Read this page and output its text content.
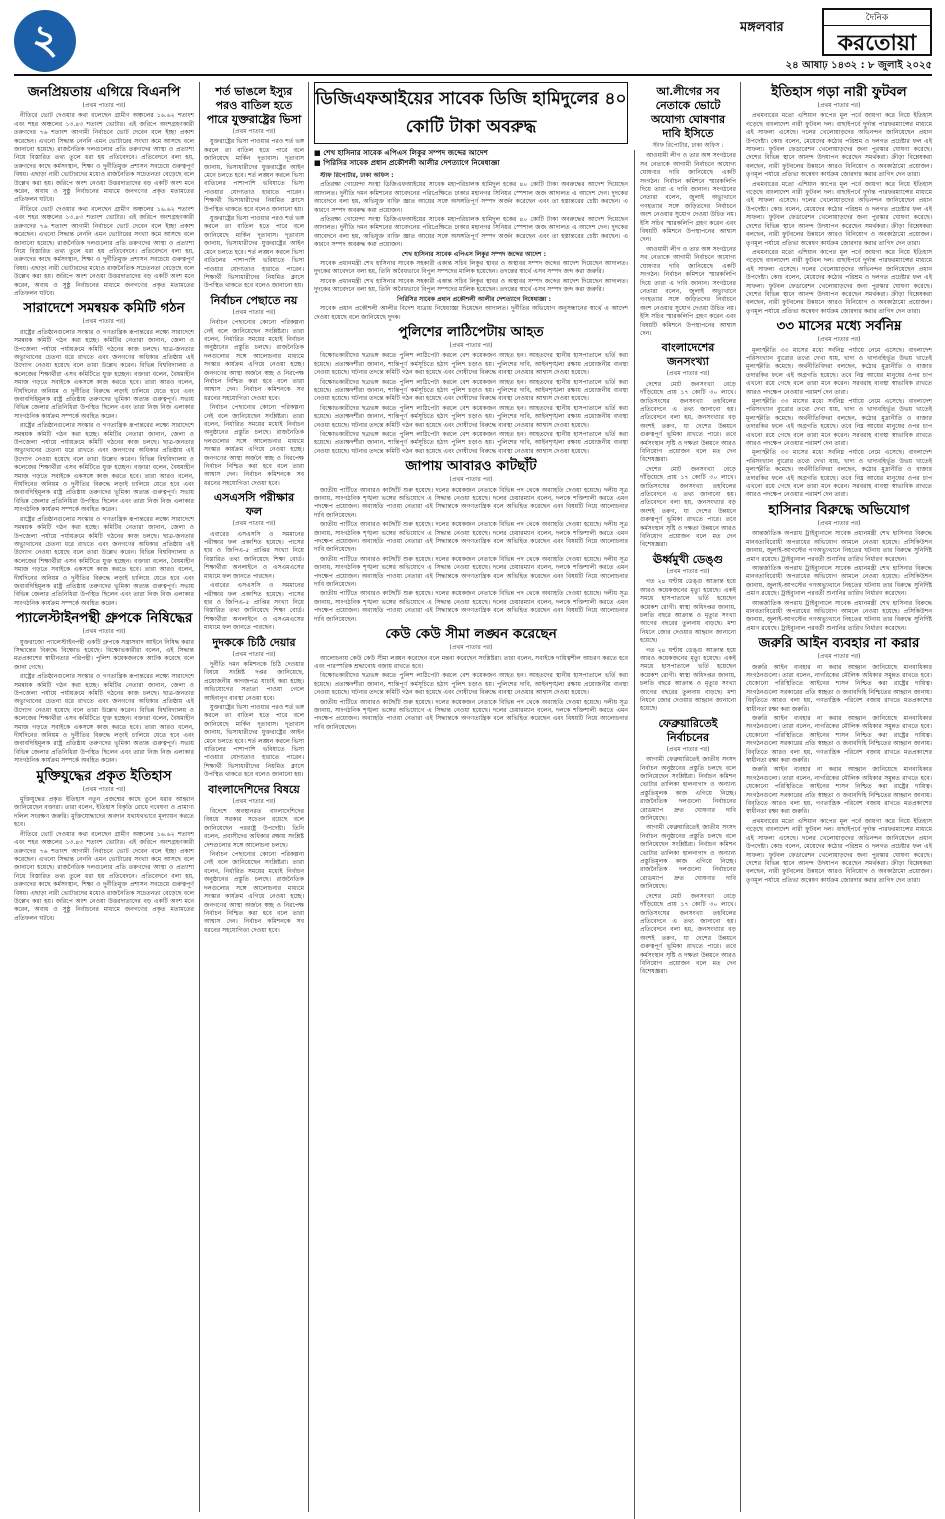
২	মঙ্গলবার
দৈনিক
করতোয়া
২৪ আষাঢ় ১৪৩২ : ৮ জুলাই ২০২৫
জনপ্রিয়তায় এগিয়ে বিএনপি
(প্রথম পাতার পর)

নীতিরে ভোট দেওয়ার কথা বলেছেন গ্রামীণ অঞ্চলের ১৬.৬২ শতাংশ এবং শহর অঞ্চলের ১৩.৪৩ শতাংশ ভোটার। এই জরিপে অংশগ্রহণকারী তরুণদের ৭৬ শতাংশ আগামী নির্বাচনে ভোট দেবেন বলে ইচ্ছা প্রকাশ করেছেন। এখনো সিদ্ধান্ত নেননি এমন ভোটারের সংখ্যা কমে আসছে বলে জানানো হয়েছে। রাজনৈতিক দলগুলোর প্রতি তরুণদের আস্থা ও প্রত্যাশা নিয়ে বিস্তারিত তথ্য তুলে ধরা হয় প্রতিবেদনে। প্রতিবেদনে বলা হয়, তরুণদের কাছে কর্মসংস্থান, শিক্ষা ও দুর্নীতিমুক্ত প্রশাসন সবচেয়ে গুরুত্বপূর্ণ বিষয়। এছাড়া নারী ভোটারদের মধ্যেও রাজনৈতিক সচেতনতা বেড়েছে বলে উল্লেখ করা হয়। জরিপে অংশ নেওয়া উত্তরদাতাদের বড় একটি অংশ মনে করেন, অবাধ ও সুষ্ঠু নির্বাচনের মাধ্যমে জনগণের প্রকৃত মতামতের প্রতিফলন ঘটবে।

নীতিরে ভোট দেওয়ার কথা বলেছেন গ্রামীণ অঞ্চলের ১৬.৬২ শতাংশ এবং শহর অঞ্চলের ১৩.৪৩ শতাংশ ভোটার। এই জরিপে অংশগ্রহণকারী তরুণদের ৭৬ শতাংশ আগামী নির্বাচনে ভোট দেবেন বলে ইচ্ছা প্রকাশ করেছেন। এখনো সিদ্ধান্ত নেননি এমন ভোটারের সংখ্যা কমে আসছে বলে জানানো হয়েছে। রাজনৈতিক দলগুলোর প্রতি তরুণদের আস্থা ও প্রত্যাশা নিয়ে বিস্তারিত তথ্য তুলে ধরা হয় প্রতিবেদনে। প্রতিবেদনে বলা হয়, তরুণদের কাছে কর্মসংস্থান, শিক্ষা ও দুর্নীতিমুক্ত প্রশাসন সবচেয়ে গুরুত্বপূর্ণ বিষয়। এছাড়া নারী ভোটারদের মধ্যেও রাজনৈতিক সচেতনতা বেড়েছে বলে উল্লেখ করা হয়। জরিপে অংশ নেওয়া উত্তরদাতাদের বড় একটি অংশ মনে করেন, অবাধ ও সুষ্ঠু নির্বাচনের মাধ্যমে জনগণের প্রকৃত মতামতের প্রতিফলন ঘটবে।

সারাদেশে সমন্বয়ক কমিটি গঠন
(প্রথম পাতার পর)

রাষ্ট্রের প্রতিষ্ঠানগুলোর সংস্কার ও গণতান্ত্রিক রূপান্তরের লক্ষ্যে সারাদেশে সমন্বয়ক কমিটি গঠন করা হচ্ছে। কমিটির নেতারা জানান, জেলা ও উপজেলা পর্যায়ে পর্যায়ক্রমে কমিটি গঠনের কাজ চলছে। ছাত্র-জনতার অভ্যুত্থানের চেতনা ধরে রাখতে এবং জনগণের অধিকার প্রতিষ্ঠায় এই উদ্যোগ নেওয়া হয়েছে বলে তারা উল্লেখ করেন। বিভিন্ন বিশ্ববিদ্যালয় ও কলেজের শিক্ষার্থীরা এসব কমিটিতে যুক্ত হচ্ছেন। বক্তারা বলেন, বৈষম্যহীন সমাজ গড়তে সবাইকে একসঙ্গে কাজ করতে হবে। তারা আরও বলেন, দীর্ঘদিনের অনিয়ম ও দুর্নীতির বিরুদ্ধে লড়াই চালিয়ে যেতে হবে এবং জবাবদিহিমূলক রাষ্ট্র প্রতিষ্ঠায় তরুণদের ভূমিকা অত্যন্ত গুরুত্বপূর্ণ। সভায় বিভিন্ন জেলার প্রতিনিধিরা উপস্থিত ছিলেন এবং তারা নিজ নিজ এলাকার সাংগঠনিক কার্যক্রম সম্পর্কে অবহিত করেন।

রাষ্ট্রের প্রতিষ্ঠানগুলোর সংস্কার ও গণতান্ত্রিক রূপান্তরের লক্ষ্যে সারাদেশে সমন্বয়ক কমিটি গঠন করা হচ্ছে। কমিটির নেতারা জানান, জেলা ও উপজেলা পর্যায়ে পর্যায়ক্রমে কমিটি গঠনের কাজ চলছে। ছাত্র-জনতার অভ্যুত্থানের চেতনা ধরে রাখতে এবং জনগণের অধিকার প্রতিষ্ঠায় এই উদ্যোগ নেওয়া হয়েছে বলে তারা উল্লেখ করেন। বিভিন্ন বিশ্ববিদ্যালয় ও কলেজের শিক্ষার্থীরা এসব কমিটিতে যুক্ত হচ্ছেন। বক্তারা বলেন, বৈষম্যহীন সমাজ গড়তে সবাইকে একসঙ্গে কাজ করতে হবে। তারা আরও বলেন, দীর্ঘদিনের অনিয়ম ও দুর্নীতির বিরুদ্ধে লড়াই চালিয়ে যেতে হবে এবং জবাবদিহিমূলক রাষ্ট্র প্রতিষ্ঠায় তরুণদের ভূমিকা অত্যন্ত গুরুত্বপূর্ণ। সভায় বিভিন্ন জেলার প্রতিনিধিরা উপস্থিত ছিলেন এবং তারা নিজ নিজ এলাকার সাংগঠনিক কার্যক্রম সম্পর্কে অবহিত করেন।

রাষ্ট্রের প্রতিষ্ঠানগুলোর সংস্কার ও গণতান্ত্রিক রূপান্তরের লক্ষ্যে সারাদেশে সমন্বয়ক কমিটি গঠন করা হচ্ছে। কমিটির নেতারা জানান, জেলা ও উপজেলা পর্যায়ে পর্যায়ক্রমে কমিটি গঠনের কাজ চলছে। ছাত্র-জনতার অভ্যুত্থানের চেতনা ধরে রাখতে এবং জনগণের অধিকার প্রতিষ্ঠায় এই উদ্যোগ নেওয়া হয়েছে বলে তারা উল্লেখ করেন। বিভিন্ন বিশ্ববিদ্যালয় ও কলেজের শিক্ষার্থীরা এসব কমিটিতে যুক্ত হচ্ছেন। বক্তারা বলেন, বৈষম্যহীন সমাজ গড়তে সবাইকে একসঙ্গে কাজ করতে হবে। তারা আরও বলেন, দীর্ঘদিনের অনিয়ম ও দুর্নীতির বিরুদ্ধে লড়াই চালিয়ে যেতে হবে এবং জবাবদিহিমূলক রাষ্ট্র প্রতিষ্ঠায় তরুণদের ভূমিকা অত্যন্ত গুরুত্বপূর্ণ। সভায় বিভিন্ন জেলার প্রতিনিধিরা উপস্থিত ছিলেন এবং তারা নিজ নিজ এলাকার সাংগঠনিক কার্যক্রম সম্পর্কে অবহিত করেন।

প্যালেস্টাইনপন্থী গ্রুপকে নিষিদ্ধের
(প্রথম পাতার পর)

যুক্তরাজ্যে প্যালেস্টাইনপন্থী একটি গ্রুপকে সন্ত্রাসবাদ আইনে নিষিদ্ধ করার সিদ্ধান্তের বিরুদ্ধে বিক্ষোভ হয়েছে। বিক্ষোভকারীরা বলেন, এই সিদ্ধান্ত মতপ্রকাশের স্বাধীনতার পরিপন্থী। পুলিশ কয়েকজনকে আটক করেছে বলে জানা গেছে।

রাষ্ট্রের প্রতিষ্ঠানগুলোর সংস্কার ও গণতান্ত্রিক রূপান্তরের লক্ষ্যে সারাদেশে সমন্বয়ক কমিটি গঠন করা হচ্ছে। কমিটির নেতারা জানান, জেলা ও উপজেলা পর্যায়ে পর্যায়ক্রমে কমিটি গঠনের কাজ চলছে। ছাত্র-জনতার অভ্যুত্থানের চেতনা ধরে রাখতে এবং জনগণের অধিকার প্রতিষ্ঠায় এই উদ্যোগ নেওয়া হয়েছে বলে তারা উল্লেখ করেন। বিভিন্ন বিশ্ববিদ্যালয় ও কলেজের শিক্ষার্থীরা এসব কমিটিতে যুক্ত হচ্ছেন। বক্তারা বলেন, বৈষম্যহীন সমাজ গড়তে সবাইকে একসঙ্গে কাজ করতে হবে। তারা আরও বলেন, দীর্ঘদিনের অনিয়ম ও দুর্নীতির বিরুদ্ধে লড়াই চালিয়ে যেতে হবে এবং জবাবদিহিমূলক রাষ্ট্র প্রতিষ্ঠায় তরুণদের ভূমিকা অত্যন্ত গুরুত্বপূর্ণ। সভায় বিভিন্ন জেলার প্রতিনিধিরা উপস্থিত ছিলেন এবং তারা নিজ নিজ এলাকার সাংগঠনিক কার্যক্রম সম্পর্কে অবহিত করেন।

মুক্তিযুদ্ধের প্রকৃত ইতিহাস
(প্রথম পাতার পর)

মুক্তিযুদ্ধের প্রকৃত ইতিহাস নতুন প্রজন্মের কাছে তুলে ধরার আহ্বান জানিয়েছেন বক্তারা। তারা বলেন, ইতিহাস বিকৃতি রোধে গবেষণা ও প্রামাণ্য দলিল সংরক্ষণ জরুরি। মুক্তিযোদ্ধাদের অবদান যথাযথভাবে মূল্যায়ন করতে হবে।

নীতিরে ভোট দেওয়ার কথা বলেছেন গ্রামীণ অঞ্চলের ১৬.৬২ শতাংশ এবং শহর অঞ্চলের ১৩.৪৩ শতাংশ ভোটার। এই জরিপে অংশগ্রহণকারী তরুণদের ৭৬ শতাংশ আগামী নির্বাচনে ভোট দেবেন বলে ইচ্ছা প্রকাশ করেছেন। এখনো সিদ্ধান্ত নেননি এমন ভোটারের সংখ্যা কমে আসছে বলে জানানো হয়েছে। রাজনৈতিক দলগুলোর প্রতি তরুণদের আস্থা ও প্রত্যাশা নিয়ে বিস্তারিত তথ্য তুলে ধরা হয় প্রতিবেদনে। প্রতিবেদনে বলা হয়, তরুণদের কাছে কর্মসংস্থান, শিক্ষা ও দুর্নীতিমুক্ত প্রশাসন সবচেয়ে গুরুত্বপূর্ণ বিষয়। এছাড়া নারী ভোটারদের মধ্যেও রাজনৈতিক সচেতনতা বেড়েছে বলে উল্লেখ করা হয়। জরিপে অংশ নেওয়া উত্তরদাতাদের বড় একটি অংশ মনে করেন, অবাধ ও সুষ্ঠু নির্বাচনের মাধ্যমে জনগণের প্রকৃত মতামতের প্রতিফলন ঘটবে।

শর্ত ভাঙলে ইস্যুর পরও বাতিল হতে পারে যুক্তরাষ্ট্রের ভিসা
(প্রথম পাতার পর)

যুক্তরাষ্ট্রের ভিসা পাওয়ার পরও শর্ত ভঙ্গ করলে তা বাতিল হতে পারে বলে জানিয়েছে মার্কিন দূতাবাস। দূতাবাস জানায়, ভিসাধারীদের যুক্তরাষ্ট্রের আইন মেনে চলতে হবে। শর্ত লঙ্ঘন করলে ভিসা বাতিলের পাশাপাশি ভবিষ্যতে ভিসা পাওয়ার যোগ্যতাও হারাতে পারেন। শিক্ষার্থী ভিসাধারীদের নিয়মিত ক্লাসে উপস্থিত থাকতে হবে বলেও জানানো হয়।

যুক্তরাষ্ট্রের ভিসা পাওয়ার পরও শর্ত ভঙ্গ করলে তা বাতিল হতে পারে বলে জানিয়েছে মার্কিন দূতাবাস। দূতাবাস জানায়, ভিসাধারীদের যুক্তরাষ্ট্রের আইন মেনে চলতে হবে। শর্ত লঙ্ঘন করলে ভিসা বাতিলের পাশাপাশি ভবিষ্যতে ভিসা পাওয়ার যোগ্যতাও হারাতে পারেন। শিক্ষার্থী ভিসাধারীদের নিয়মিত ক্লাসে উপস্থিত থাকতে হবে বলেও জানানো হয়।

নির্বাচন পেছাতে নয়
(প্রথম পাতার পর)

নির্বাচন পেছানোর কোনো পরিকল্পনা নেই বলে জানিয়েছেন সংশ্লিষ্টরা। তারা বলেন, নির্ধারিত সময়ের মধ্যেই নির্বাচন অনুষ্ঠানের প্রস্তুতি চলছে। রাজনৈতিক দলগুলোর সঙ্গে আলোচনার মাধ্যমে সংস্কার কার্যক্রম এগিয়ে নেওয়া হচ্ছে। জনগণের আস্থা অর্জনে স্বচ্ছ ও নিরপেক্ষ নির্বাচন নিশ্চিত করা হবে বলে তারা আশ্বাস দেন। নির্বাচন কমিশনকে সব ধরনের সহযোগিতা দেওয়া হবে।

নির্বাচন পেছানোর কোনো পরিকল্পনা নেই বলে জানিয়েছেন সংশ্লিষ্টরা। তারা বলেন, নির্ধারিত সময়ের মধ্যেই নির্বাচন অনুষ্ঠানের প্রস্তুতি চলছে। রাজনৈতিক দলগুলোর সঙ্গে আলোচনার মাধ্যমে সংস্কার কার্যক্রম এগিয়ে নেওয়া হচ্ছে। জনগণের আস্থা অর্জনে স্বচ্ছ ও নিরপেক্ষ নির্বাচন নিশ্চিত করা হবে বলে তারা আশ্বাস দেন। নির্বাচন কমিশনকে সব ধরনের সহযোগিতা দেওয়া হবে।

এসএসসি পরীক্ষার ফল
(প্রথম পাতার পর)

এবারের এসএসসি ও সমমানের পরীক্ষার ফল প্রকাশিত হয়েছে। পাসের হার ও জিপিএ-৫ প্রাপ্তির সংখ্যা নিয়ে বিস্তারিত তথ্য জানিয়েছে শিক্ষা বোর্ড। শিক্ষার্থীরা অনলাইনে ও এসএমএসের মাধ্যমে ফল জানতে পারছেন।

এবারের এসএসসি ও সমমানের পরীক্ষার ফল প্রকাশিত হয়েছে। পাসের হার ও জিপিএ-৫ প্রাপ্তির সংখ্যা নিয়ে বিস্তারিত তথ্য জানিয়েছে শিক্ষা বোর্ড। শিক্ষার্থীরা অনলাইনে ও এসএমএসের মাধ্যমে ফল জানতে পারছেন।

দুদককে চিঠি দেয়ার
(প্রথম পাতার পর)

দুর্নীতি দমন কমিশনকে চিঠি দেওয়ার বিষয়ে সংশ্লিষ্ট দপ্তর জানিয়েছে, প্রয়োজনীয় কাগজপত্র যাচাই করা হচ্ছে। অভিযোগের সত্যতা পাওয়া গেলে আইনানুগ ব্যবস্থা নেওয়া হবে।

যুক্তরাষ্ট্রের ভিসা পাওয়ার পরও শর্ত ভঙ্গ করলে তা বাতিল হতে পারে বলে জানিয়েছে মার্কিন দূতাবাস। দূতাবাস জানায়, ভিসাধারীদের যুক্তরাষ্ট্রের আইন মেনে চলতে হবে। শর্ত লঙ্ঘন করলে ভিসা বাতিলের পাশাপাশি ভবিষ্যতে ভিসা পাওয়ার যোগ্যতাও হারাতে পারেন। শিক্ষার্থী ভিসাধারীদের নিয়মিত ক্লাসে উপস্থিত থাকতে হবে বলেও জানানো হয়।

বাংলাদেশিদের বিষয়ে
(প্রথম পাতার পর)

বিদেশে অবস্থানরত বাংলাদেশিদের বিষয়ে সরকার সচেতন রয়েছে বলে জানিয়েছেন পররাষ্ট্র উপদেষ্টা। তিনি বলেন, প্রবাসীদের অধিকার রক্ষায় সংশ্লিষ্ট দেশগুলোর সঙ্গে আলোচনা চলছে।

নির্বাচন পেছানোর কোনো পরিকল্পনা নেই বলে জানিয়েছেন সংশ্লিষ্টরা। তারা বলেন, নির্ধারিত সময়ের মধ্যেই নির্বাচন অনুষ্ঠানের প্রস্তুতি চলছে। রাজনৈতিক দলগুলোর সঙ্গে আলোচনার মাধ্যমে সংস্কার কার্যক্রম এগিয়ে নেওয়া হচ্ছে। জনগণের আস্থা অর্জনে স্বচ্ছ ও নিরপেক্ষ নির্বাচন নিশ্চিত করা হবে বলে তারা আশ্বাস দেন। নির্বাচন কমিশনকে সব ধরনের সহযোগিতা দেওয়া হবে।

ডিজিএফআইয়ের সাবেক ডিজি হামিদুলের ৪০ কোটি টাকা অবরুদ্ধ
■ শেখ হাসিনার সাবেক এপিএস লিকুর সম্পদ জব্দের আদেশ
■ পিরিসির সাবেক প্রধান প্রকৌশলী আলীর দেশত্যাগে নিষেধাজ্ঞা

স্টাফ রিপোর্টার, ঢাকা অফিস :

প্রতিরক্ষা গোয়েন্দা সংস্থা ডিজিএফআইয়ের সাবেক মহাপরিচালক হামিদুল হকের ৪০ কোটি টাকা অবরুদ্ধের আদেশ দিয়েছেন আদালত। দুর্নীতি দমন কমিশনের আবেদনের পরিপ্রেক্ষিতে ঢাকার মহানগর সিনিয়র স্পেশাল জজ আদালত এ আদেশ দেন। দুদকের আবেদনে বলা হয়, অভিযুক্ত ব্যক্তি জ্ঞাত আয়ের সঙ্গে অসঙ্গতিপূর্ণ সম্পদ অর্জন করেছেন এবং তা হস্তান্তরের চেষ্টা করছেন। এ কারণে সম্পদ অবরুদ্ধ করা প্রয়োজন।

প্রতিরক্ষা গোয়েন্দা সংস্থা ডিজিএফআইয়ের সাবেক মহাপরিচালক হামিদুল হকের ৪০ কোটি টাকা অবরুদ্ধের আদেশ দিয়েছেন আদালত। দুর্নীতি দমন কমিশনের আবেদনের পরিপ্রেক্ষিতে ঢাকার মহানগর সিনিয়র স্পেশাল জজ আদালত এ আদেশ দেন। দুদকের আবেদনে বলা হয়, অভিযুক্ত ব্যক্তি জ্ঞাত আয়ের সঙ্গে অসঙ্গতিপূর্ণ সম্পদ অর্জন করেছেন এবং তা হস্তান্তরের চেষ্টা করছেন। এ কারণে সম্পদ অবরুদ্ধ করা প্রয়োজন।

শেখ হাসিনার সাবেক এপিএস লিকুর সম্পদ জব্দের আদেশ :

সাবেক প্রধানমন্ত্রী শেখ হাসিনার সাবেক সহকারী একান্ত সচিব লিকুর স্থাবর ও অস্থাবর সম্পদ জব্দের আদেশ দিয়েছেন আদালত। দুদকের আবেদনে বলা হয়, তিনি অবৈধভাবে বিপুল সম্পদের মালিক হয়েছেন। তদন্তের স্বার্থে এসব সম্পদ জব্দ করা জরুরি।

সাবেক প্রধানমন্ত্রী শেখ হাসিনার সাবেক সহকারী একান্ত সচিব লিকুর স্থাবর ও অস্থাবর সম্পদ জব্দের আদেশ দিয়েছেন আদালত। দুদকের আবেদনে বলা হয়, তিনি অবৈধভাবে বিপুল সম্পদের মালিক হয়েছেন। তদন্তের স্বার্থে এসব সম্পদ জব্দ করা জরুরি।

পিরিসির সাবেক প্রধান প্রকৌশলী আলীর দেশত্যাগে নিষেধাজ্ঞা :

সাবেক প্রধান প্রকৌশলী আলীর বিদেশ যাত্রায় নিষেধাজ্ঞা দিয়েছেন আদালত। দুর্নীতির অভিযোগ অনুসন্ধানের স্বার্থে এ আদেশ দেওয়া হয়েছে বলে জানিয়েছে দুদক।

পুলিশের লাঠিপেটায় আহত
(প্রথম পাতার পর)

বিক্ষোভকারীদের ছত্রভঙ্গ করতে পুলিশ লাঠিপেটা করলে বেশ কয়েকজন আহত হন। আহতদের স্থানীয় হাসপাতালে ভর্তি করা হয়েছে। প্রত্যক্ষদর্শীরা জানান, শান্তিপূর্ণ কর্মসূচিতে হঠাৎ পুলিশ চড়াও হয়। পুলিশের দাবি, আইনশৃঙ্খলা রক্ষায় প্রয়োজনীয় ব্যবস্থা নেওয়া হয়েছে। ঘটনার তদন্তে কমিটি গঠন করা হয়েছে এবং দোষীদের বিরুদ্ধে ব্যবস্থা নেওয়ার আশ্বাস দেওয়া হয়েছে।

বিক্ষোভকারীদের ছত্রভঙ্গ করতে পুলিশ লাঠিপেটা করলে বেশ কয়েকজন আহত হন। আহতদের স্থানীয় হাসপাতালে ভর্তি করা হয়েছে। প্রত্যক্ষদর্শীরা জানান, শান্তিপূর্ণ কর্মসূচিতে হঠাৎ পুলিশ চড়াও হয়। পুলিশের দাবি, আইনশৃঙ্খলা রক্ষায় প্রয়োজনীয় ব্যবস্থা নেওয়া হয়েছে। ঘটনার তদন্তে কমিটি গঠন করা হয়েছে এবং দোষীদের বিরুদ্ধে ব্যবস্থা নেওয়ার আশ্বাস দেওয়া হয়েছে।

বিক্ষোভকারীদের ছত্রভঙ্গ করতে পুলিশ লাঠিপেটা করলে বেশ কয়েকজন আহত হন। আহতদের স্থানীয় হাসপাতালে ভর্তি করা হয়েছে। প্রত্যক্ষদর্শীরা জানান, শান্তিপূর্ণ কর্মসূচিতে হঠাৎ পুলিশ চড়াও হয়। পুলিশের দাবি, আইনশৃঙ্খলা রক্ষায় প্রয়োজনীয় ব্যবস্থা নেওয়া হয়েছে। ঘটনার তদন্তে কমিটি গঠন করা হয়েছে এবং দোষীদের বিরুদ্ধে ব্যবস্থা নেওয়ার আশ্বাস দেওয়া হয়েছে।

বিক্ষোভকারীদের ছত্রভঙ্গ করতে পুলিশ লাঠিপেটা করলে বেশ কয়েকজন আহত হন। আহতদের স্থানীয় হাসপাতালে ভর্তি করা হয়েছে। প্রত্যক্ষদর্শীরা জানান, শান্তিপূর্ণ কর্মসূচিতে হঠাৎ পুলিশ চড়াও হয়। পুলিশের দাবি, আইনশৃঙ্খলা রক্ষায় প্রয়োজনীয় ব্যবস্থা নেওয়া হয়েছে। ঘটনার তদন্তে কমিটি গঠন করা হয়েছে এবং দোষীদের বিরুদ্ধে ব্যবস্থা নেওয়ার আশ্বাস দেওয়া হয়েছে।

জাপায় আবারও কাটছাঁট
(প্রথম পাতার পর)

জাতীয় পার্টিতে আবারও কাটছাঁট শুরু হয়েছে। দলের কয়েকজন নেতাকে বিভিন্ন পদ থেকে অব্যাহতি দেওয়া হয়েছে। দলীয় সূত্র জানায়, সাংগঠনিক শৃঙ্খলা ভঙ্গের অভিযোগে এ সিদ্ধান্ত নেওয়া হয়েছে। দলের চেয়ারম্যান বলেন, দলকে শক্তিশালী করতে এমন পদক্ষেপ প্রয়োজন। অব্যাহতি পাওয়া নেতারা এই সিদ্ধান্তকে অগণতান্ত্রিক বলে অভিহিত করেছেন এবং বিষয়টি নিয়ে আলোচনার দাবি জানিয়েছেন।

জাতীয় পার্টিতে আবারও কাটছাঁট শুরু হয়েছে। দলের কয়েকজন নেতাকে বিভিন্ন পদ থেকে অব্যাহতি দেওয়া হয়েছে। দলীয় সূত্র জানায়, সাংগঠনিক শৃঙ্খলা ভঙ্গের অভিযোগে এ সিদ্ধান্ত নেওয়া হয়েছে। দলের চেয়ারম্যান বলেন, দলকে শক্তিশালী করতে এমন পদক্ষেপ প্রয়োজন। অব্যাহতি পাওয়া নেতারা এই সিদ্ধান্তকে অগণতান্ত্রিক বলে অভিহিত করেছেন এবং বিষয়টি নিয়ে আলোচনার দাবি জানিয়েছেন।

জাতীয় পার্টিতে আবারও কাটছাঁট শুরু হয়েছে। দলের কয়েকজন নেতাকে বিভিন্ন পদ থেকে অব্যাহতি দেওয়া হয়েছে। দলীয় সূত্র জানায়, সাংগঠনিক শৃঙ্খলা ভঙ্গের অভিযোগে এ সিদ্ধান্ত নেওয়া হয়েছে। দলের চেয়ারম্যান বলেন, দলকে শক্তিশালী করতে এমন পদক্ষেপ প্রয়োজন। অব্যাহতি পাওয়া নেতারা এই সিদ্ধান্তকে অগণতান্ত্রিক বলে অভিহিত করেছেন এবং বিষয়টি নিয়ে আলোচনার দাবি জানিয়েছেন।

জাতীয় পার্টিতে আবারও কাটছাঁট শুরু হয়েছে। দলের কয়েকজন নেতাকে বিভিন্ন পদ থেকে অব্যাহতি দেওয়া হয়েছে। দলীয় সূত্র জানায়, সাংগঠনিক শৃঙ্খলা ভঙ্গের অভিযোগে এ সিদ্ধান্ত নেওয়া হয়েছে। দলের চেয়ারম্যান বলেন, দলকে শক্তিশালী করতে এমন পদক্ষেপ প্রয়োজন। অব্যাহতি পাওয়া নেতারা এই সিদ্ধান্তকে অগণতান্ত্রিক বলে অভিহিত করেছেন এবং বিষয়টি নিয়ে আলোচনার দাবি জানিয়েছেন।

কেউ কেউ সীমা লঙ্ঘন করেছেন
(প্রথম পাতার পর)

আলোচনায় কেউ কেউ সীমা লঙ্ঘন করেছেন বলে মন্তব্য করেছেন সংশ্লিষ্টরা। তারা বলেন, সবাইকে দায়িত্বশীল আচরণ করতে হবে এবং পারস্পরিক শ্রদ্ধাবোধ বজায় রাখতে হবে।

বিক্ষোভকারীদের ছত্রভঙ্গ করতে পুলিশ লাঠিপেটা করলে বেশ কয়েকজন আহত হন। আহতদের স্থানীয় হাসপাতালে ভর্তি করা হয়েছে। প্রত্যক্ষদর্শীরা জানান, শান্তিপূর্ণ কর্মসূচিতে হঠাৎ পুলিশ চড়াও হয়। পুলিশের দাবি, আইনশৃঙ্খলা রক্ষায় প্রয়োজনীয় ব্যবস্থা নেওয়া হয়েছে। ঘটনার তদন্তে কমিটি গঠন করা হয়েছে এবং দোষীদের বিরুদ্ধে ব্যবস্থা নেওয়ার আশ্বাস দেওয়া হয়েছে।

জাতীয় পার্টিতে আবারও কাটছাঁট শুরু হয়েছে। দলের কয়েকজন নেতাকে বিভিন্ন পদ থেকে অব্যাহতি দেওয়া হয়েছে। দলীয় সূত্র জানায়, সাংগঠনিক শৃঙ্খলা ভঙ্গের অভিযোগে এ সিদ্ধান্ত নেওয়া হয়েছে। দলের চেয়ারম্যান বলেন, দলকে শক্তিশালী করতে এমন পদক্ষেপ প্রয়োজন। অব্যাহতি পাওয়া নেতারা এই সিদ্ধান্তকে অগণতান্ত্রিক বলে অভিহিত করেছেন এবং বিষয়টি নিয়ে আলোচনার দাবি জানিয়েছেন।

আ.লীগের সব নেতাকে ভোটে অযোগ্য ঘোষণার দাবি ইসিতে
স্টাফ রিপোর্টার, ঢাকা অফিস :

আওয়ামী লীগ ও তার অঙ্গ সংগঠনের সব নেতাকে আগামী নির্বাচনে অযোগ্য ঘোষণার দাবি জানিয়েছে একটি সংগঠন। নির্বাচন কমিশনে স্মারকলিপি দিয়ে তারা এ দাবি জানান। সংগঠনের নেতারা বলেন, জুলাই অভ্যুত্থানে গণহত্যার সঙ্গে জড়িতদের নির্বাচনে অংশ নেওয়ার সুযোগ দেওয়া উচিত নয়। ইসি সচিব স্মারকলিপি গ্রহণ করেন এবং বিষয়টি কমিশনে উপস্থাপনের আশ্বাস দেন।

আওয়ামী লীগ ও তার অঙ্গ সংগঠনের সব নেতাকে আগামী নির্বাচনে অযোগ্য ঘোষণার দাবি জানিয়েছে একটি সংগঠন। নির্বাচন কমিশনে স্মারকলিপি দিয়ে তারা এ দাবি জানান। সংগঠনের নেতারা বলেন, জুলাই অভ্যুত্থানে গণহত্যার সঙ্গে জড়িতদের নির্বাচনে অংশ নেওয়ার সুযোগ দেওয়া উচিত নয়। ইসি সচিব স্মারকলিপি গ্রহণ করেন এবং বিষয়টি কমিশনে উপস্থাপনের আশ্বাস দেন।

বাংলাদেশের জনসংখ্যা
(প্রথম পাতার পর)

দেশের মোট জনসংখ্যা বেড়ে দাঁড়িয়েছে প্রায় ১৭ কোটি ৩০ লাখে। জাতিসংঘের জনসংখ্যা তহবিলের প্রতিবেদনে এ তথ্য জানানো হয়। প্রতিবেদনে বলা হয়, জনসংখ্যার বড় অংশই তরুণ, যা দেশের উন্নয়নে গুরুত্বপূর্ণ ভূমিকা রাখতে পারে। তবে কর্মসংস্থান সৃষ্টি ও দক্ষতা উন্নয়নে আরও বিনিয়োগ প্রয়োজন বলে মত দেন বিশেষজ্ঞরা।

দেশের মোট জনসংখ্যা বেড়ে দাঁড়িয়েছে প্রায় ১৭ কোটি ৩০ লাখে। জাতিসংঘের জনসংখ্যা তহবিলের প্রতিবেদনে এ তথ্য জানানো হয়। প্রতিবেদনে বলা হয়, জনসংখ্যার বড় অংশই তরুণ, যা দেশের উন্নয়নে গুরুত্বপূর্ণ ভূমিকা রাখতে পারে। তবে কর্মসংস্থান সৃষ্টি ও দক্ষতা উন্নয়নে আরও বিনিয়োগ প্রয়োজন বলে মত দেন বিশেষজ্ঞরা।

ঊর্ধ্বমুখী ডেঙ্গু
(প্রথম পাতার পর)

গত ২৪ ঘণ্টায় ডেঙ্গু আক্রান্ত হয়ে আরও কয়েকজনের মৃত্যু হয়েছে। একই সময়ে হাসপাতালে ভর্তি হয়েছেন কয়েকশ রোগী। স্বাস্থ্য অধিদপ্তর জানায়, চলতি বছরে আক্রান্ত ও মৃত্যুর সংখ্যা আগের বছরের তুলনায় বাড়ছে। মশা নিধনে জোর দেওয়ার আহ্বান জানানো হয়েছে।

গত ২৪ ঘণ্টায় ডেঙ্গু আক্রান্ত হয়ে আরও কয়েকজনের মৃত্যু হয়েছে। একই সময়ে হাসপাতালে ভর্তি হয়েছেন কয়েকশ রোগী। স্বাস্থ্য অধিদপ্তর জানায়, চলতি বছরে আক্রান্ত ও মৃত্যুর সংখ্যা আগের বছরের তুলনায় বাড়ছে। মশা নিধনে জোর দেওয়ার আহ্বান জানানো হয়েছে।

ফেব্রুয়ারিতেই নির্বাচনের
(প্রথম পাতার পর)

আগামী ফেব্রুয়ারিতেই জাতীয় সংসদ নির্বাচন অনুষ্ঠানের প্রস্তুতি চলছে বলে জানিয়েছেন সংশ্লিষ্টরা। নির্বাচন কমিশন ভোটার তালিকা হালনাগাদ ও অন্যান্য প্রস্তুতিমূলক কাজ এগিয়ে নিচ্ছে। রাজনৈতিক দলগুলো নির্বাচনের রোডম্যাপ দ্রুত ঘোষণার দাবি জানিয়েছে।

আগামী ফেব্রুয়ারিতেই জাতীয় সংসদ নির্বাচন অনুষ্ঠানের প্রস্তুতি চলছে বলে জানিয়েছেন সংশ্লিষ্টরা। নির্বাচন কমিশন ভোটার তালিকা হালনাগাদ ও অন্যান্য প্রস্তুতিমূলক কাজ এগিয়ে নিচ্ছে। রাজনৈতিক দলগুলো নির্বাচনের রোডম্যাপ দ্রুত ঘোষণার দাবি জানিয়েছে।

দেশের মোট জনসংখ্যা বেড়ে দাঁড়িয়েছে প্রায় ১৭ কোটি ৩০ লাখে। জাতিসংঘের জনসংখ্যা তহবিলের প্রতিবেদনে এ তথ্য জানানো হয়। প্রতিবেদনে বলা হয়, জনসংখ্যার বড় অংশই তরুণ, যা দেশের উন্নয়নে গুরুত্বপূর্ণ ভূমিকা রাখতে পারে। তবে কর্মসংস্থান সৃষ্টি ও দক্ষতা উন্নয়নে আরও বিনিয়োগ প্রয়োজন বলে মত দেন বিশেষজ্ঞরা।

ইতিহাস গড়া নারী ফুটবল
(প্রথম পাতার পর)

প্রথমবারের মতো এশিয়ান কাপের মূল পর্বে জায়গা করে নিয়ে ইতিহাস গড়েছে বাংলাদেশ নারী ফুটবল দল। বাছাইপর্বে দুর্দান্ত পারফরম্যান্সের মাধ্যমে এই সাফল্য এসেছে। দলের খেলোয়াড়দের অভিনন্দন জানিয়েছেন প্রধান উপদেষ্টা। কোচ বলেন, মেয়েদের কঠোর পরিশ্রম ও দলগত প্রচেষ্টার ফল এই সাফল্য। ফুটবল ফেডারেশন খেলোয়াড়দের জন্য পুরস্কার ঘোষণা করেছে। দেশের বিভিন্ন স্থানে আনন্দ উদযাপন করেছেন সমর্থকরা। ক্রীড়া বিশ্লেষকরা বলছেন, নারী ফুটবলের উন্নয়নে আরও বিনিয়োগ ও অবকাঠামো প্রয়োজন। তৃণমূল পর্যায়ে প্রতিভা অন্বেষণ কার্যক্রম জোরদার করার তাগিদ দেন তারা।

প্রথমবারের মতো এশিয়ান কাপের মূল পর্বে জায়গা করে নিয়ে ইতিহাস গড়েছে বাংলাদেশ নারী ফুটবল দল। বাছাইপর্বে দুর্দান্ত পারফরম্যান্সের মাধ্যমে এই সাফল্য এসেছে। দলের খেলোয়াড়দের অভিনন্দন জানিয়েছেন প্রধান উপদেষ্টা। কোচ বলেন, মেয়েদের কঠোর পরিশ্রম ও দলগত প্রচেষ্টার ফল এই সাফল্য। ফুটবল ফেডারেশন খেলোয়াড়দের জন্য পুরস্কার ঘোষণা করেছে। দেশের বিভিন্ন স্থানে আনন্দ উদযাপন করেছেন সমর্থকরা। ক্রীড়া বিশ্লেষকরা বলছেন, নারী ফুটবলের উন্নয়নে আরও বিনিয়োগ ও অবকাঠামো প্রয়োজন। তৃণমূল পর্যায়ে প্রতিভা অন্বেষণ কার্যক্রম জোরদার করার তাগিদ দেন তারা।

প্রথমবারের মতো এশিয়ান কাপের মূল পর্বে জায়গা করে নিয়ে ইতিহাস গড়েছে বাংলাদেশ নারী ফুটবল দল। বাছাইপর্বে দুর্দান্ত পারফরম্যান্সের মাধ্যমে এই সাফল্য এসেছে। দলের খেলোয়াড়দের অভিনন্দন জানিয়েছেন প্রধান উপদেষ্টা। কোচ বলেন, মেয়েদের কঠোর পরিশ্রম ও দলগত প্রচেষ্টার ফল এই সাফল্য। ফুটবল ফেডারেশন খেলোয়াড়দের জন্য পুরস্কার ঘোষণা করেছে। দেশের বিভিন্ন স্থানে আনন্দ উদযাপন করেছেন সমর্থকরা। ক্রীড়া বিশ্লেষকরা বলছেন, নারী ফুটবলের উন্নয়নে আরও বিনিয়োগ ও অবকাঠামো প্রয়োজন। তৃণমূল পর্যায়ে প্রতিভা অন্বেষণ কার্যক্রম জোরদার করার তাগিদ দেন তারা।

৩৩ মাসের মধ্যে সর্বনিম্ন
(প্রথম পাতার পর)

মূল্যস্ফীতি ৩৩ মাসের মধ্যে সর্বনিম্ন পর্যায়ে নেমে এসেছে। বাংলাদেশ পরিসংখ্যান ব্যুরোর তথ্যে দেখা যায়, খাদ্য ও খাদ্যবহির্ভূত উভয় খাতেই মূল্যস্ফীতি কমেছে। অর্থনীতিবিদরা বলছেন, কঠোর মুদ্রানীতি ও বাজার তদারকির ফলে এই অগ্রগতি হয়েছে। তবে নিম্ন আয়ের মানুষের ওপর চাপ এখনো রয়ে গেছে বলে তারা মনে করেন। সরবরাহ ব্যবস্থা স্বাভাবিক রাখতে আরও পদক্ষেপ নেওয়ার পরামর্শ দেন তারা।

মূল্যস্ফীতি ৩৩ মাসের মধ্যে সর্বনিম্ন পর্যায়ে নেমে এসেছে। বাংলাদেশ পরিসংখ্যান ব্যুরোর তথ্যে দেখা যায়, খাদ্য ও খাদ্যবহির্ভূত উভয় খাতেই মূল্যস্ফীতি কমেছে। অর্থনীতিবিদরা বলছেন, কঠোর মুদ্রানীতি ও বাজার তদারকির ফলে এই অগ্রগতি হয়েছে। তবে নিম্ন আয়ের মানুষের ওপর চাপ এখনো রয়ে গেছে বলে তারা মনে করেন। সরবরাহ ব্যবস্থা স্বাভাবিক রাখতে আরও পদক্ষেপ নেওয়ার পরামর্শ দেন তারা।

মূল্যস্ফীতি ৩৩ মাসের মধ্যে সর্বনিম্ন পর্যায়ে নেমে এসেছে। বাংলাদেশ পরিসংখ্যান ব্যুরোর তথ্যে দেখা যায়, খাদ্য ও খাদ্যবহির্ভূত উভয় খাতেই মূল্যস্ফীতি কমেছে। অর্থনীতিবিদরা বলছেন, কঠোর মুদ্রানীতি ও বাজার তদারকির ফলে এই অগ্রগতি হয়েছে। তবে নিম্ন আয়ের মানুষের ওপর চাপ এখনো রয়ে গেছে বলে তারা মনে করেন। সরবরাহ ব্যবস্থা স্বাভাবিক রাখতে আরও পদক্ষেপ নেওয়ার পরামর্শ দেন তারা।

হাসিনার বিরুদ্ধে অভিযোগ
(প্রথম পাতার পর)

আন্তর্জাতিক অপরাধ ট্রাইব্যুনালে সাবেক প্রধানমন্ত্রী শেখ হাসিনার বিরুদ্ধে মানবতাবিরোধী অপরাধের অভিযোগ আমলে নেওয়া হয়েছে। প্রসিকিউশন জানায়, জুলাই-আগস্টের গণঅভ্যুত্থানে নিহতের ঘটনায় তার বিরুদ্ধে সুনির্দিষ্ট প্রমাণ রয়েছে। ট্রাইব্যুনাল পরবর্তী শুনানির তারিখ নির্ধারণ করেছেন।

আন্তর্জাতিক অপরাধ ট্রাইব্যুনালে সাবেক প্রধানমন্ত্রী শেখ হাসিনার বিরুদ্ধে মানবতাবিরোধী অপরাধের অভিযোগ আমলে নেওয়া হয়েছে। প্রসিকিউশন জানায়, জুলাই-আগস্টের গণঅভ্যুত্থানে নিহতের ঘটনায় তার বিরুদ্ধে সুনির্দিষ্ট প্রমাণ রয়েছে। ট্রাইব্যুনাল পরবর্তী শুনানির তারিখ নির্ধারণ করেছেন।

আন্তর্জাতিক অপরাধ ট্রাইব্যুনালে সাবেক প্রধানমন্ত্রী শেখ হাসিনার বিরুদ্ধে মানবতাবিরোধী অপরাধের অভিযোগ আমলে নেওয়া হয়েছে। প্রসিকিউশন জানায়, জুলাই-আগস্টের গণঅভ্যুত্থানে নিহতের ঘটনায় তার বিরুদ্ধে সুনির্দিষ্ট প্রমাণ রয়েছে। ট্রাইব্যুনাল পরবর্তী শুনানির তারিখ নির্ধারণ করেছেন।

জরুরি আইন ব্যবহার না করার
(প্রথম পাতার পর)

জরুরি আইন ব্যবহার না করার আহ্বান জানিয়েছে মানবাধিকার সংগঠনগুলো। তারা বলেন, নাগরিকের মৌলিক অধিকার সমুন্নত রাখতে হবে। যেকোনো পরিস্থিতিতে আইনের শাসন নিশ্চিত করা রাষ্ট্রের দায়িত্ব। সংগঠনগুলো সরকারের প্রতি স্বচ্ছতা ও জবাবদিহি নিশ্চিতের আহ্বান জানায়। বিবৃতিতে আরও বলা হয়, গণতান্ত্রিক পরিবেশ বজায় রাখতে মতপ্রকাশের স্বাধীনতা রক্ষা করা জরুরি।

জরুরি আইন ব্যবহার না করার আহ্বান জানিয়েছে মানবাধিকার সংগঠনগুলো। তারা বলেন, নাগরিকের মৌলিক অধিকার সমুন্নত রাখতে হবে। যেকোনো পরিস্থিতিতে আইনের শাসন নিশ্চিত করা রাষ্ট্রের দায়িত্ব। সংগঠনগুলো সরকারের প্রতি স্বচ্ছতা ও জবাবদিহি নিশ্চিতের আহ্বান জানায়। বিবৃতিতে আরও বলা হয়, গণতান্ত্রিক পরিবেশ বজায় রাখতে মতপ্রকাশের স্বাধীনতা রক্ষা করা জরুরি।

জরুরি আইন ব্যবহার না করার আহ্বান জানিয়েছে মানবাধিকার সংগঠনগুলো। তারা বলেন, নাগরিকের মৌলিক অধিকার সমুন্নত রাখতে হবে। যেকোনো পরিস্থিতিতে আইনের শাসন নিশ্চিত করা রাষ্ট্রের দায়িত্ব। সংগঠনগুলো সরকারের প্রতি স্বচ্ছতা ও জবাবদিহি নিশ্চিতের আহ্বান জানায়। বিবৃতিতে আরও বলা হয়, গণতান্ত্রিক পরিবেশ বজায় রাখতে মতপ্রকাশের স্বাধীনতা রক্ষা করা জরুরি।

প্রথমবারের মতো এশিয়ান কাপের মূল পর্বে জায়গা করে নিয়ে ইতিহাস গড়েছে বাংলাদেশ নারী ফুটবল দল। বাছাইপর্বে দুর্দান্ত পারফরম্যান্সের মাধ্যমে এই সাফল্য এসেছে। দলের খেলোয়াড়দের অভিনন্দন জানিয়েছেন প্রধান উপদেষ্টা। কোচ বলেন, মেয়েদের কঠোর পরিশ্রম ও দলগত প্রচেষ্টার ফল এই সাফল্য। ফুটবল ফেডারেশন খেলোয়াড়দের জন্য পুরস্কার ঘোষণা করেছে। দেশের বিভিন্ন স্থানে আনন্দ উদযাপন করেছেন সমর্থকরা। ক্রীড়া বিশ্লেষকরা বলছেন, নারী ফুটবলের উন্নয়নে আরও বিনিয়োগ ও অবকাঠামো প্রয়োজন। তৃণমূল পর্যায়ে প্রতিভা অন্বেষণ কার্যক্রম জোরদার করার তাগিদ দেন তারা।
